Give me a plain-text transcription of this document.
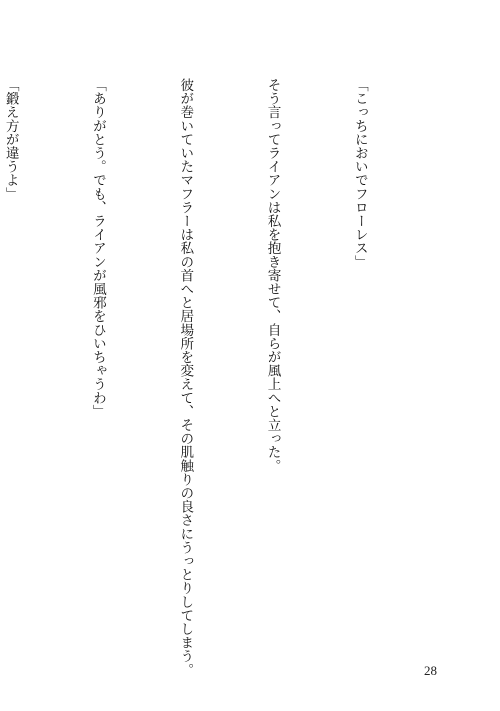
「こっちにおいでフローレス」

そう言ってライアンは私を抱き寄せて、自らが風上へと立った。

彼が巻いていたマフラーは私の首へと居場所を変えて、その肌触りの良さにうっとりしてしまう。

「ありがとう。でも、ライアンが風邪をひいちゃうわ」

「鍛え方が違うよ」

28
